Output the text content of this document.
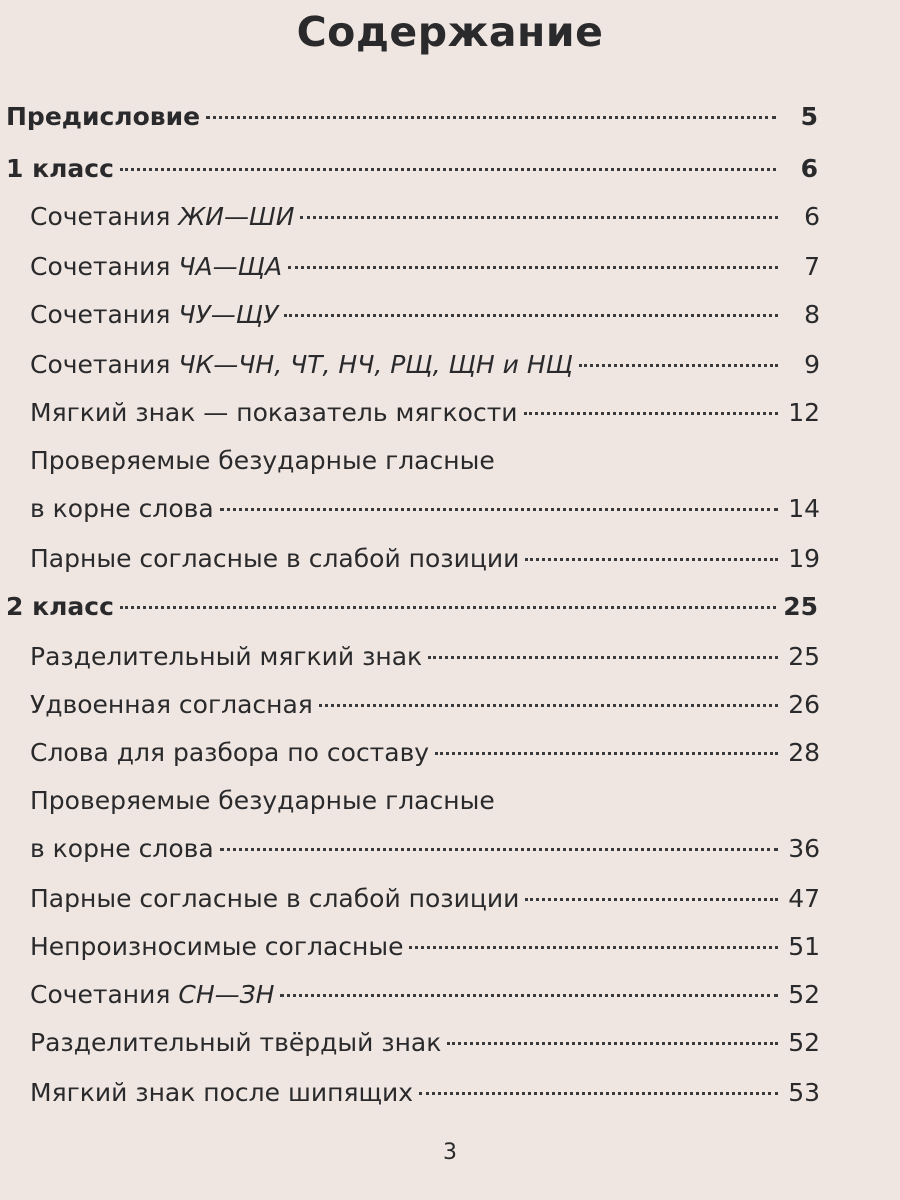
Содержание
Предисловие	5
1 класс	6
Сочетания ЖИ—ШИ	6
Сочетания ЧА—ЩА	7
Сочетания ЧУ—ЩУ	8
Сочетания ЧК—ЧН, ЧТ, НЧ, РЩ, ЩН и НЩ	9
Мягкий знак — показатель мягкости	12
Проверяемые безударные гласные
в корне слова	14
Парные согласные в слабой позиции	19
2 класс	25
Разделительный мягкий знак	25
Удвоенная согласная	26
Слова для разбора по составу	28
Проверяемые безударные гласные
в корне слова	36
Парные согласные в слабой позиции	47
Непроизносимые согласные	51
Сочетания СН—ЗН	52
Разделительный твёрдый знак	52
Мягкий знак после шипящих	53
3
